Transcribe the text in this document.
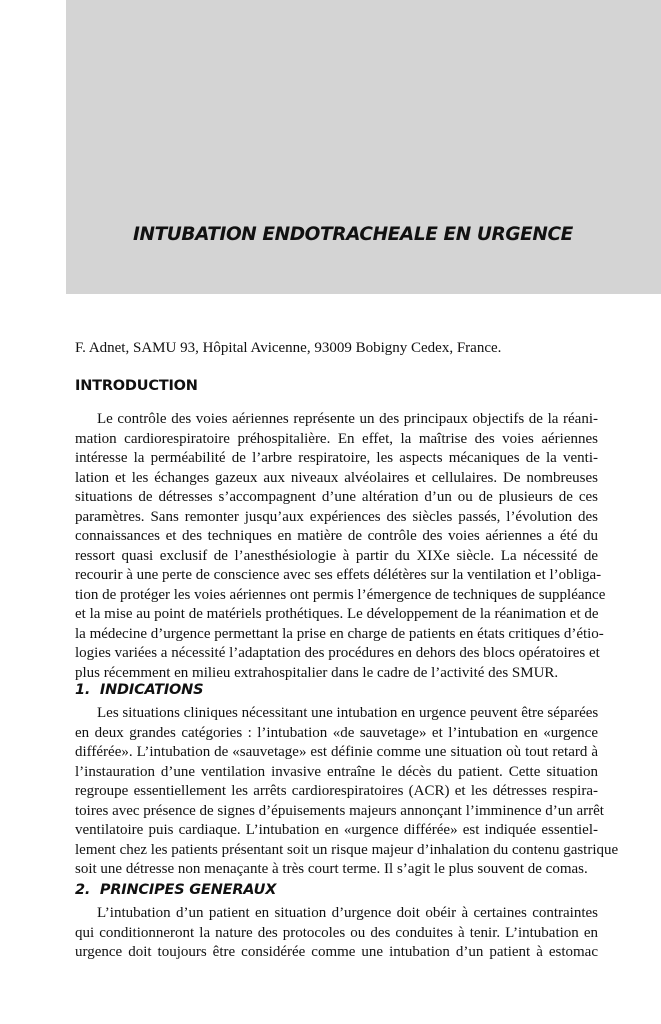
INTUBATION ENDOTRACHEALE EN URGENCE

F. Adnet, SAMU 93, Hôpital Avicenne, 93009 Bobigny Cedex, France.

INTRODUCTION
Le contrôle des voies aériennes représente un des principaux objectifs de la réani-
mation cardiorespiratoire préhospitalière. En effet, la maîtrise des voies aériennes
intéresse la perméabilité de l’arbre respiratoire, les aspects mécaniques de la venti-
lation et les échanges gazeux aux niveaux alvéolaires et cellulaires. De nombreuses
situations de détresses s’accompagnent d’une altération d’un ou de plusieurs de ces
paramètres. Sans remonter jusqu’aux expériences des siècles passés, l’évolution des
connaissances et des techniques en matière de contrôle des voies aériennes a été du
ressort quasi exclusif de l’anesthésiologie à partir du XIXe siècle. La nécessité de
recourir à une perte de conscience avec ses effets délétères sur la ventilation et l’obliga-
tion de protéger les voies aériennes ont permis l’émergence de techniques de suppléance
et la mise au point de matériels prothétiques. Le développement de la réanimation et de
la médecine d’urgence permettant la prise en charge de patients en états critiques d’étio-
logies variées a nécessité l’adaptation des procédures en dehors des blocs opératoires et
plus récemment en milieu extrahospitalier dans le cadre de l’activité des SMUR.
1. INDICATIONS
Les situations cliniques nécessitant une intubation en urgence peuvent être séparées
en deux grandes catégories : l’intubation «de sauvetage» et l’intubation en «urgence
différée». L’intubation de «sauvetage» est définie comme une situation où tout retard à
l’instauration d’une ventilation invasive entraîne le décès du patient. Cette situation
regroupe essentiellement les arrêts cardiorespiratoires (ACR) et les détresses respira-
toires avec présence de signes d’épuisements majeurs annonçant l’imminence d’un arrêt
ventilatoire puis cardiaque. L’intubation en «urgence différée» est indiquée essentiel-
lement chez les patients présentant soit un risque majeur d’inhalation du contenu gastrique
soit une détresse non menaçante à très court terme. Il s’agit le plus souvent de comas.
2. PRINCIPES GENERAUX
L’intubation d’un patient en situation d’urgence doit obéir à certaines contraintes
qui conditionneront la nature des protocoles ou des conduites à tenir. L’intubation en
urgence doit toujours être considérée comme une intubation d’un patient à estomac
